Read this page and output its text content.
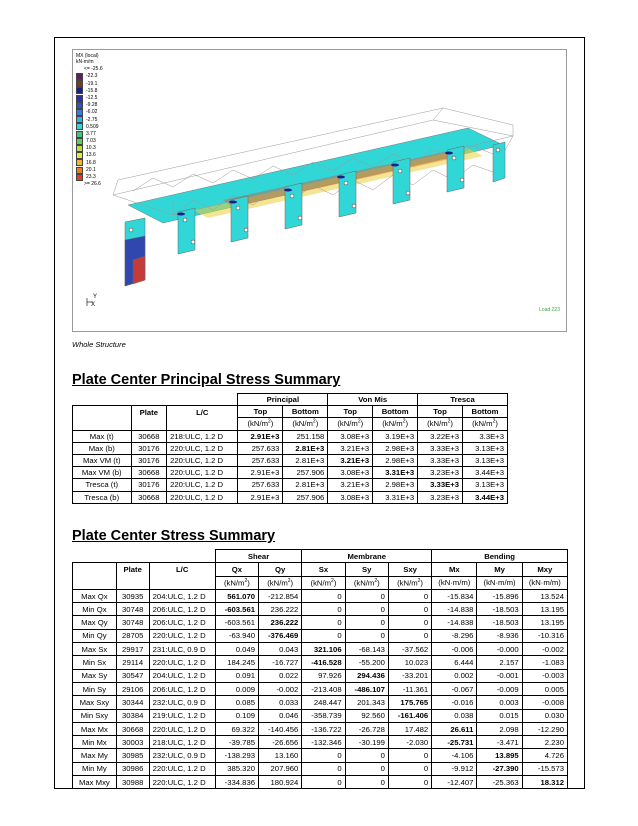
MX (local)
kN-m/m
<= -25.6
-22.3
-19.1
-15.8
-12.5
-9.28
-6.02
-2.75
0.509
3.77
7.03
10.3
13.6
16.8
20.1
23.3
>= 26.6
Y
X
Load 223
Whole Structure
Plate Center Principal Stress Summary
			Principal		Von Mis		Tresca	
	Plate	L/C	Top	Bottom	Top	Bottom	Top	Bottom
			$(kN/m^2)$	$(kN/m^2)$	$(kN/m^2)$	$(kN/m^2)$	$(kN/m^2)$	$(kN/m^2)$
Max (t)	30668	218:ULC, 1.2 D	2.91E+3	251.158	3.08E+3	3.19E+3	3.22E+3	3.3E+3
Max (b)	30176	220:ULC, 1.2 D	257.633	2.81E+3	3.21E+3	2.98E+3	3.33E+3	3.13E+3
Max VM (t)	30176	220:ULC, 1.2 D	257.633	2.81E+3	3.21E+3	2.98E+3	3.33E+3	3.13E+3
Max VM (b)	30668	220:ULC, 1.2 D	2.91E+3	257.906	3.08E+3	3.31E+3	3.23E+3	3.44E+3
Tresca (t)	30176	220:ULC, 1.2 D	257.633	2.81E+3	3.21E+3	2.98E+3	3.33E+3	3.13E+3
Tresca (b)	30668	220:ULC, 1.2 D	2.91E+3	257.906	3.08E+3	3.31E+3	3.23E+3	3.44E+3
Plate Center Stress Summary
			Shear		Membrane			Bending		
	Plate	L/C	Qx	Qy	Sx	Sy	Sxy	Mx	My	Mxy
			$(kN/m^2)$	$(kN/m^2)$	$(kN/m^2)$	$(kN/m^2)$	$(kN/m^2)$	(kN·m/m)	(kN·m/m)	(kN·m/m)
Max Qx	30935	204:ULC, 1.2 D	561.070	-212.854	0	0	0	-15.834	-15.896	13.524
Min Qx	30748	206:ULC, 1.2 D	-603.561	236.222	0	0	0	-14.838	-18.503	13.195
Max Qy	30748	206:ULC, 1.2 D	-603.561	236.222	0	0	0	-14.838	-18.503	13.195
Min Qy	28705	220:ULC, 1.2 D	-63.940	-376.469	0	0	0	-8.296	-8.936	-10.316
Max Sx	29917	231:ULC, 0.9 D	0.049	0.043	321.106	-68.143	-37.562	-0.006	-0.000	-0.002
Min Sx	29114	220:ULC, 1.2 D	184.245	-16.727	-416.528	-55.200	10.023	6.444	2.157	-1.083
Max Sy	30547	204:ULC, 1.2 D	0.091	0.022	97.926	294.436	-33.201	0.002	-0.001	-0.003
Min Sy	29106	206:ULC, 1.2 D	0.009	-0.002	-213.408	-486.107	-11.361	-0.067	-0.009	0.005
Max Sxy	30344	232:ULC, 0.9 D	0.085	0.033	248.447	201.343	175.765	-0.016	0.003	-0.008
Min Sxy	30384	219:ULC, 1.2 D	0.109	0.046	-358.739	92.560	-161.406	0.038	0.015	0.030
Max Mx	30668	220:ULC, 1.2 D	69.322	-140.456	-136.722	-26.728	17.482	26.611	2.098	-12.290
Min Mx	30003	218:ULC, 1.2 D	-39.785	-26.656	-132.346	-30.199	-2.030	-25.731	-3.471	2.230
Max My	30985	232:ULC, 0.9 D	-138.293	13.160	0	0	0	-4.106	13.895	4.726
Min My	30986	220:ULC, 1.2 D	385.320	207.960	0	0	0	-9.912	-27.390	-15.573
Max Mxy	30988	220:ULC, 1.2 D	-334.836	180.924	0	0	0	-12.407	-25.363	18.312
